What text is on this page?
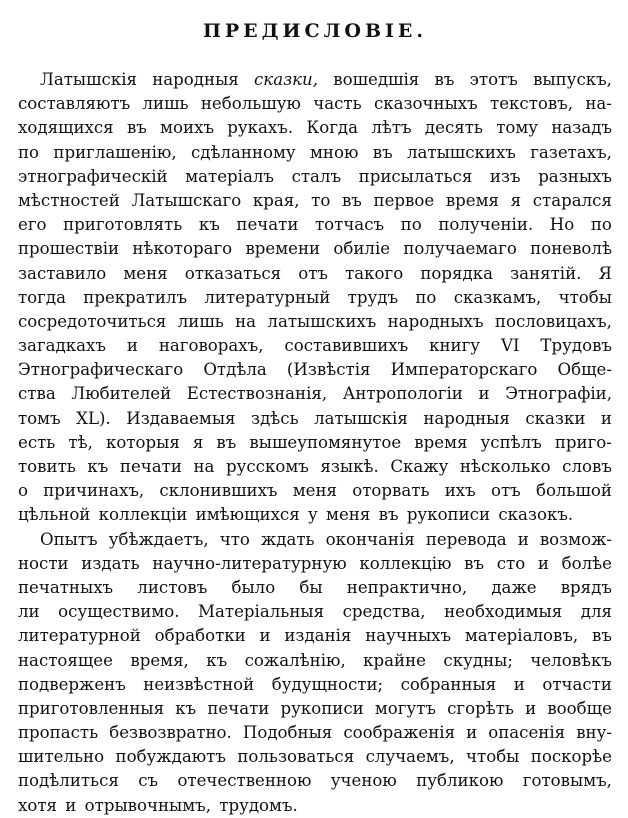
ПРЕДИСЛОВІЕ.
Латышскія народныя сказки, вошедшія въ этотъ выпускъ,
составляютъ лишь небольшую часть сказочныхъ текстовъ, на-
ходящихся въ моихъ рукахъ. Когда лѣтъ десять тому назадъ
по приглашенію, сдѣланному мною въ латышскихъ газетахъ,
этнографическій матеріалъ сталъ присылаться изъ разныхъ
мѣстностей Латышскаго края, то въ первое время я старался
его приготовлять къ печати тотчасъ по полученіи. Но по
прошествіи нѣкотораго времени обиліе получаемаго поневолѣ
заставило меня отказаться отъ такого порядка занятій. Я
тогда прекратилъ литературный трудъ по сказкамъ, чтобы
сосредоточиться лишь на латышскихъ народныхъ пословицахъ,
загадкахъ и наговорахъ, составившихъ книгу VI Трудовъ
Этнографическаго Отдѣла (Извѣстія Императорскаго Обще-
ства Любителей Естествознанія, Антропологіи и Этнографіи,
томъ XL). Издаваемыя здѣсь латышскія народныя сказки и
есть тѣ, которыя я въ вышеупомянутое время успѣлъ приго-
товить къ печати на русскомъ языкѣ. Скажу нѣсколько словъ
о причинахъ, склонившихъ меня оторвать ихъ отъ большой
цѣльной коллекціи имѣющихся у меня въ рукописи сказокъ.
Опытъ убѣждаетъ, что ждать окончанія перевода и возмож-
ности издать научно-литературную коллекцію въ сто и болѣе
печатныхъ листовъ было бы непрактично, даже врядъ
ли осуществимо. Матеріальныя средства, необходимыя для
литературной обработки и изданія научныхъ матеріаловъ, въ
настоящее время, къ сожалѣнію, крайне скудны; человѣкъ
подверженъ неизвѣстной будущности; собранныя и отчасти
приготовленныя къ печати рукописи могутъ сгорѣть и вообще
пропасть безвозвратно. Подобныя соображенія и опасенія вну-
шительно побуждаютъ пользоваться случаемъ, чтобы поскорѣе
подѣлиться съ отечественною ученою публикою готовымъ,
хотя и отрывочнымъ, трудомъ.
